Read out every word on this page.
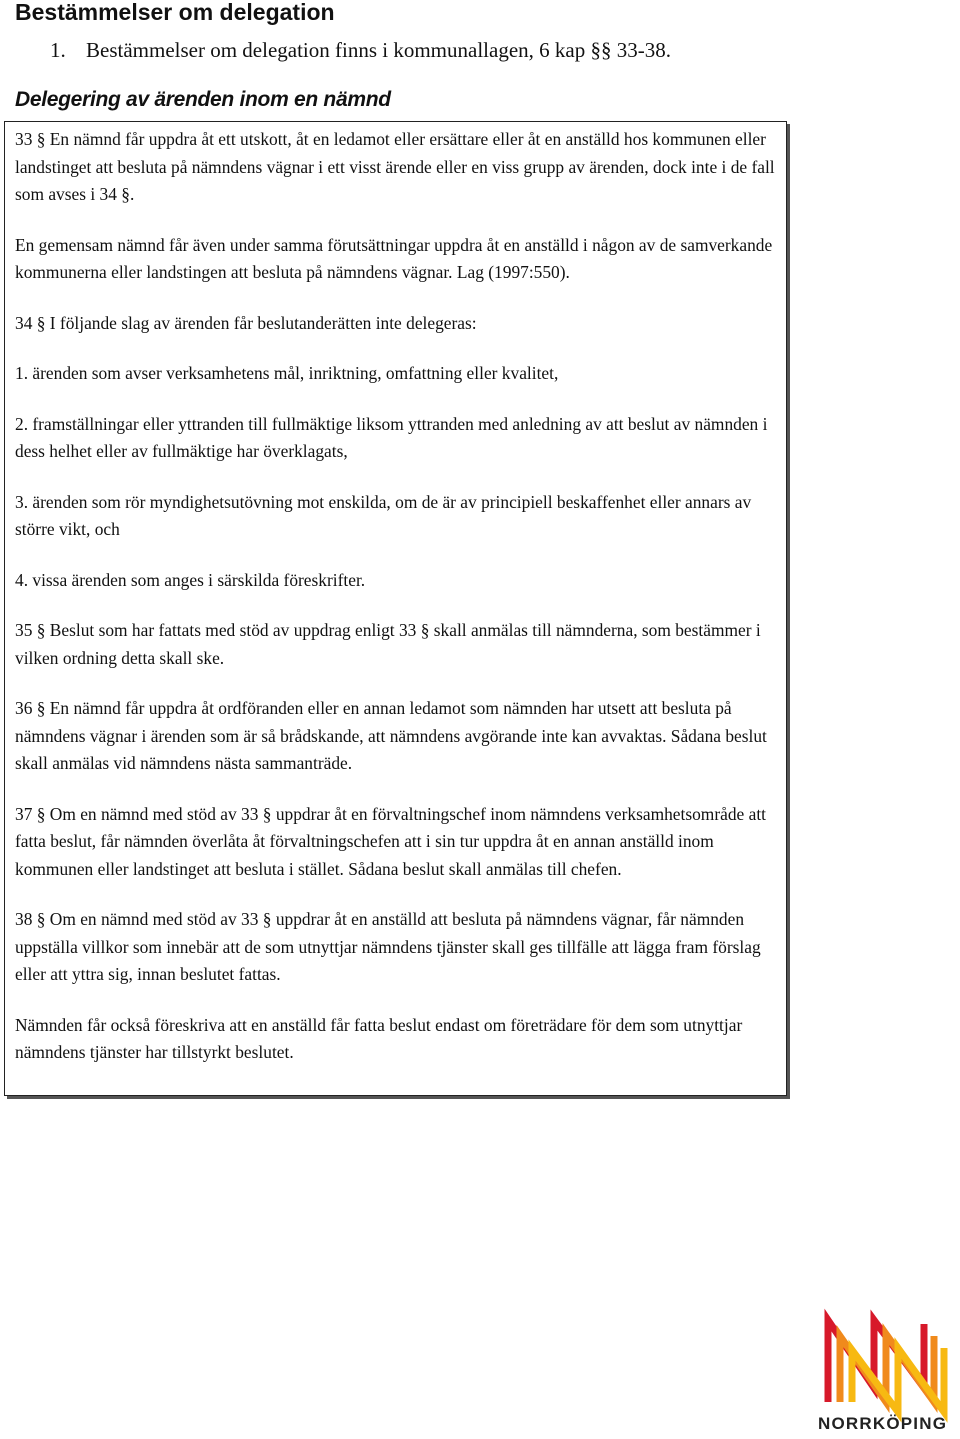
Bestämmelser om delegation
1. Bestämmelser om delegation finns i kommunallagen, 6 kap §§ 33-38.
Delegering av ärenden inom en nämnd

33 § En nämnd får uppdra åt ett utskott, åt en ledamot eller ersättare eller åt en anställd hos kommunen eller landstinget att besluta på nämndens vägnar i ett visst ärende eller en viss grupp av ärenden, dock inte i de fall som avses i 34 §.

En gemensam nämnd får även under samma förutsättningar uppdra åt en anställd i någon av de samverkande kommunerna eller landstingen att besluta på nämndens vägnar. Lag (1997:550).

34 § I följande slag av ärenden får beslutanderätten inte delegeras:

1. ärenden som avser verksamhetens mål, inriktning, omfattning eller kvalitet,

2. framställningar eller yttranden till fullmäktige liksom yttranden med anledning av att beslut av nämnden i dess helhet eller av fullmäktige har överklagats,

3. ärenden som rör myndighetsutövning mot enskilda, om de är av principiell beskaffenhet eller annars av större vikt, och

4. vissa ärenden som anges i särskilda föreskrifter.

35 § Beslut som har fattats med stöd av uppdrag enligt 33 § skall anmälas till nämnderna, som bestämmer i vilken ordning detta skall ske.

36 § En nämnd får uppdra åt ordföranden eller en annan ledamot som nämnden har utsett att besluta på nämndens vägnar i ärenden som är så brådskande, att nämndens avgörande inte kan avvaktas. Sådana beslut skall anmälas vid nämndens nästa sammanträde.

37 § Om en nämnd med stöd av 33 § uppdrar åt en förvaltningschef inom nämndens verksamhetsområde att fatta beslut, får nämnden överlåta åt förvaltningschefen att i sin tur uppdra åt en annan anställd inom kommunen eller landstinget att besluta i stället. Sådana beslut skall anmälas till chefen.

38 § Om en nämnd med stöd av 33 § uppdrar åt en anställd att besluta på nämndens vägnar, får nämnden uppställa villkor som innebär att de som utnyttjar nämndens tjänster skall ges tillfälle att lägga fram förslag eller att yttra sig, innan beslutet fattas.

Nämnden får också föreskriva att en anställd får fatta beslut endast om företrädare för dem som utnyttjar nämndens tjänster har tillstyrkt beslutet.

NORRKÖPING
